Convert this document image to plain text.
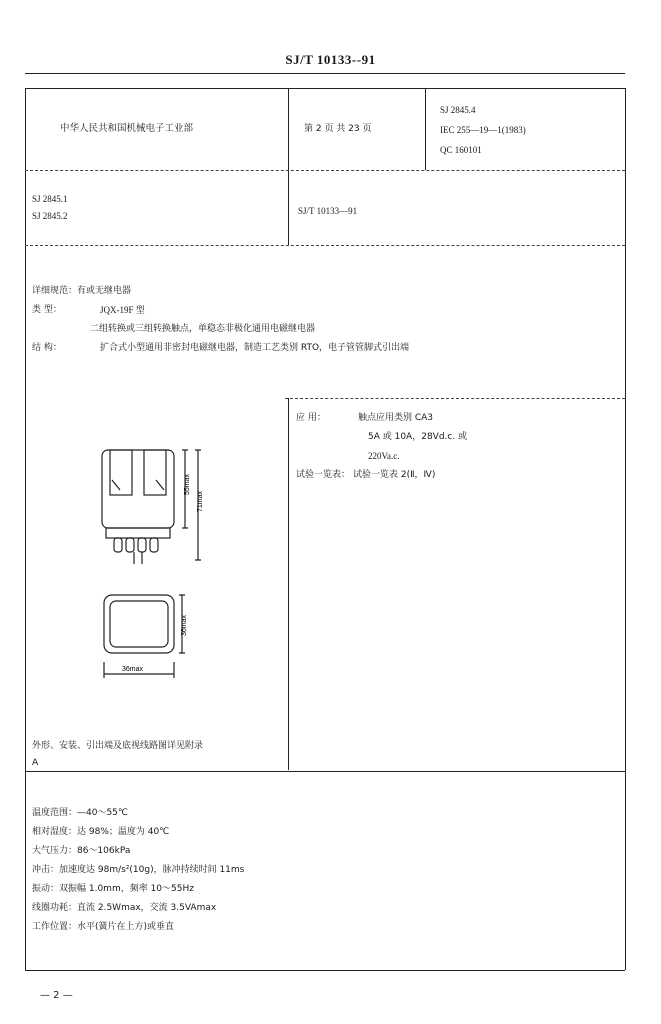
SJ/T 10133--91
中华人民共和国机械电子工业部	第 2 页 共 23 页
SJ 2845.4
IEC 255—19—1(1983)
QC 160101
SJ 2845.1
SJ 2845.2	SJ/T 10133—91
详细规范：有或无继电器
类 型：	JQX-19F 型
二组转换或三组转换触点，单稳态非极化通用电磁继电器
结 构：	扩合式小型通用非密封电磁继电器，制造工艺类别 RTO，电子管管脚式引出端
应 用：	触点应用类别 CA3
5A 或 10A，28Vd.c. 或
220Va.c.
试验一览表： 试验一览表 2(Ⅱ，Ⅳ)
55max
71max
36max
36max
外形、安装、引出端及底视线路图详见附录
A
温度范围：—40～55℃
相对湿度：达 98%；温度为 40℃
大气压力：86～106kPa
冲击：加速度达 98m/s²(10g)，脉冲持续时间 11ms
振动：双振幅 1.0mm，频率 10～55Hz
线圈功耗：直流 2.5Wmax，交流 3.5VAmax
工作位置：水平(簧片在上方)或垂直
— 2 —
